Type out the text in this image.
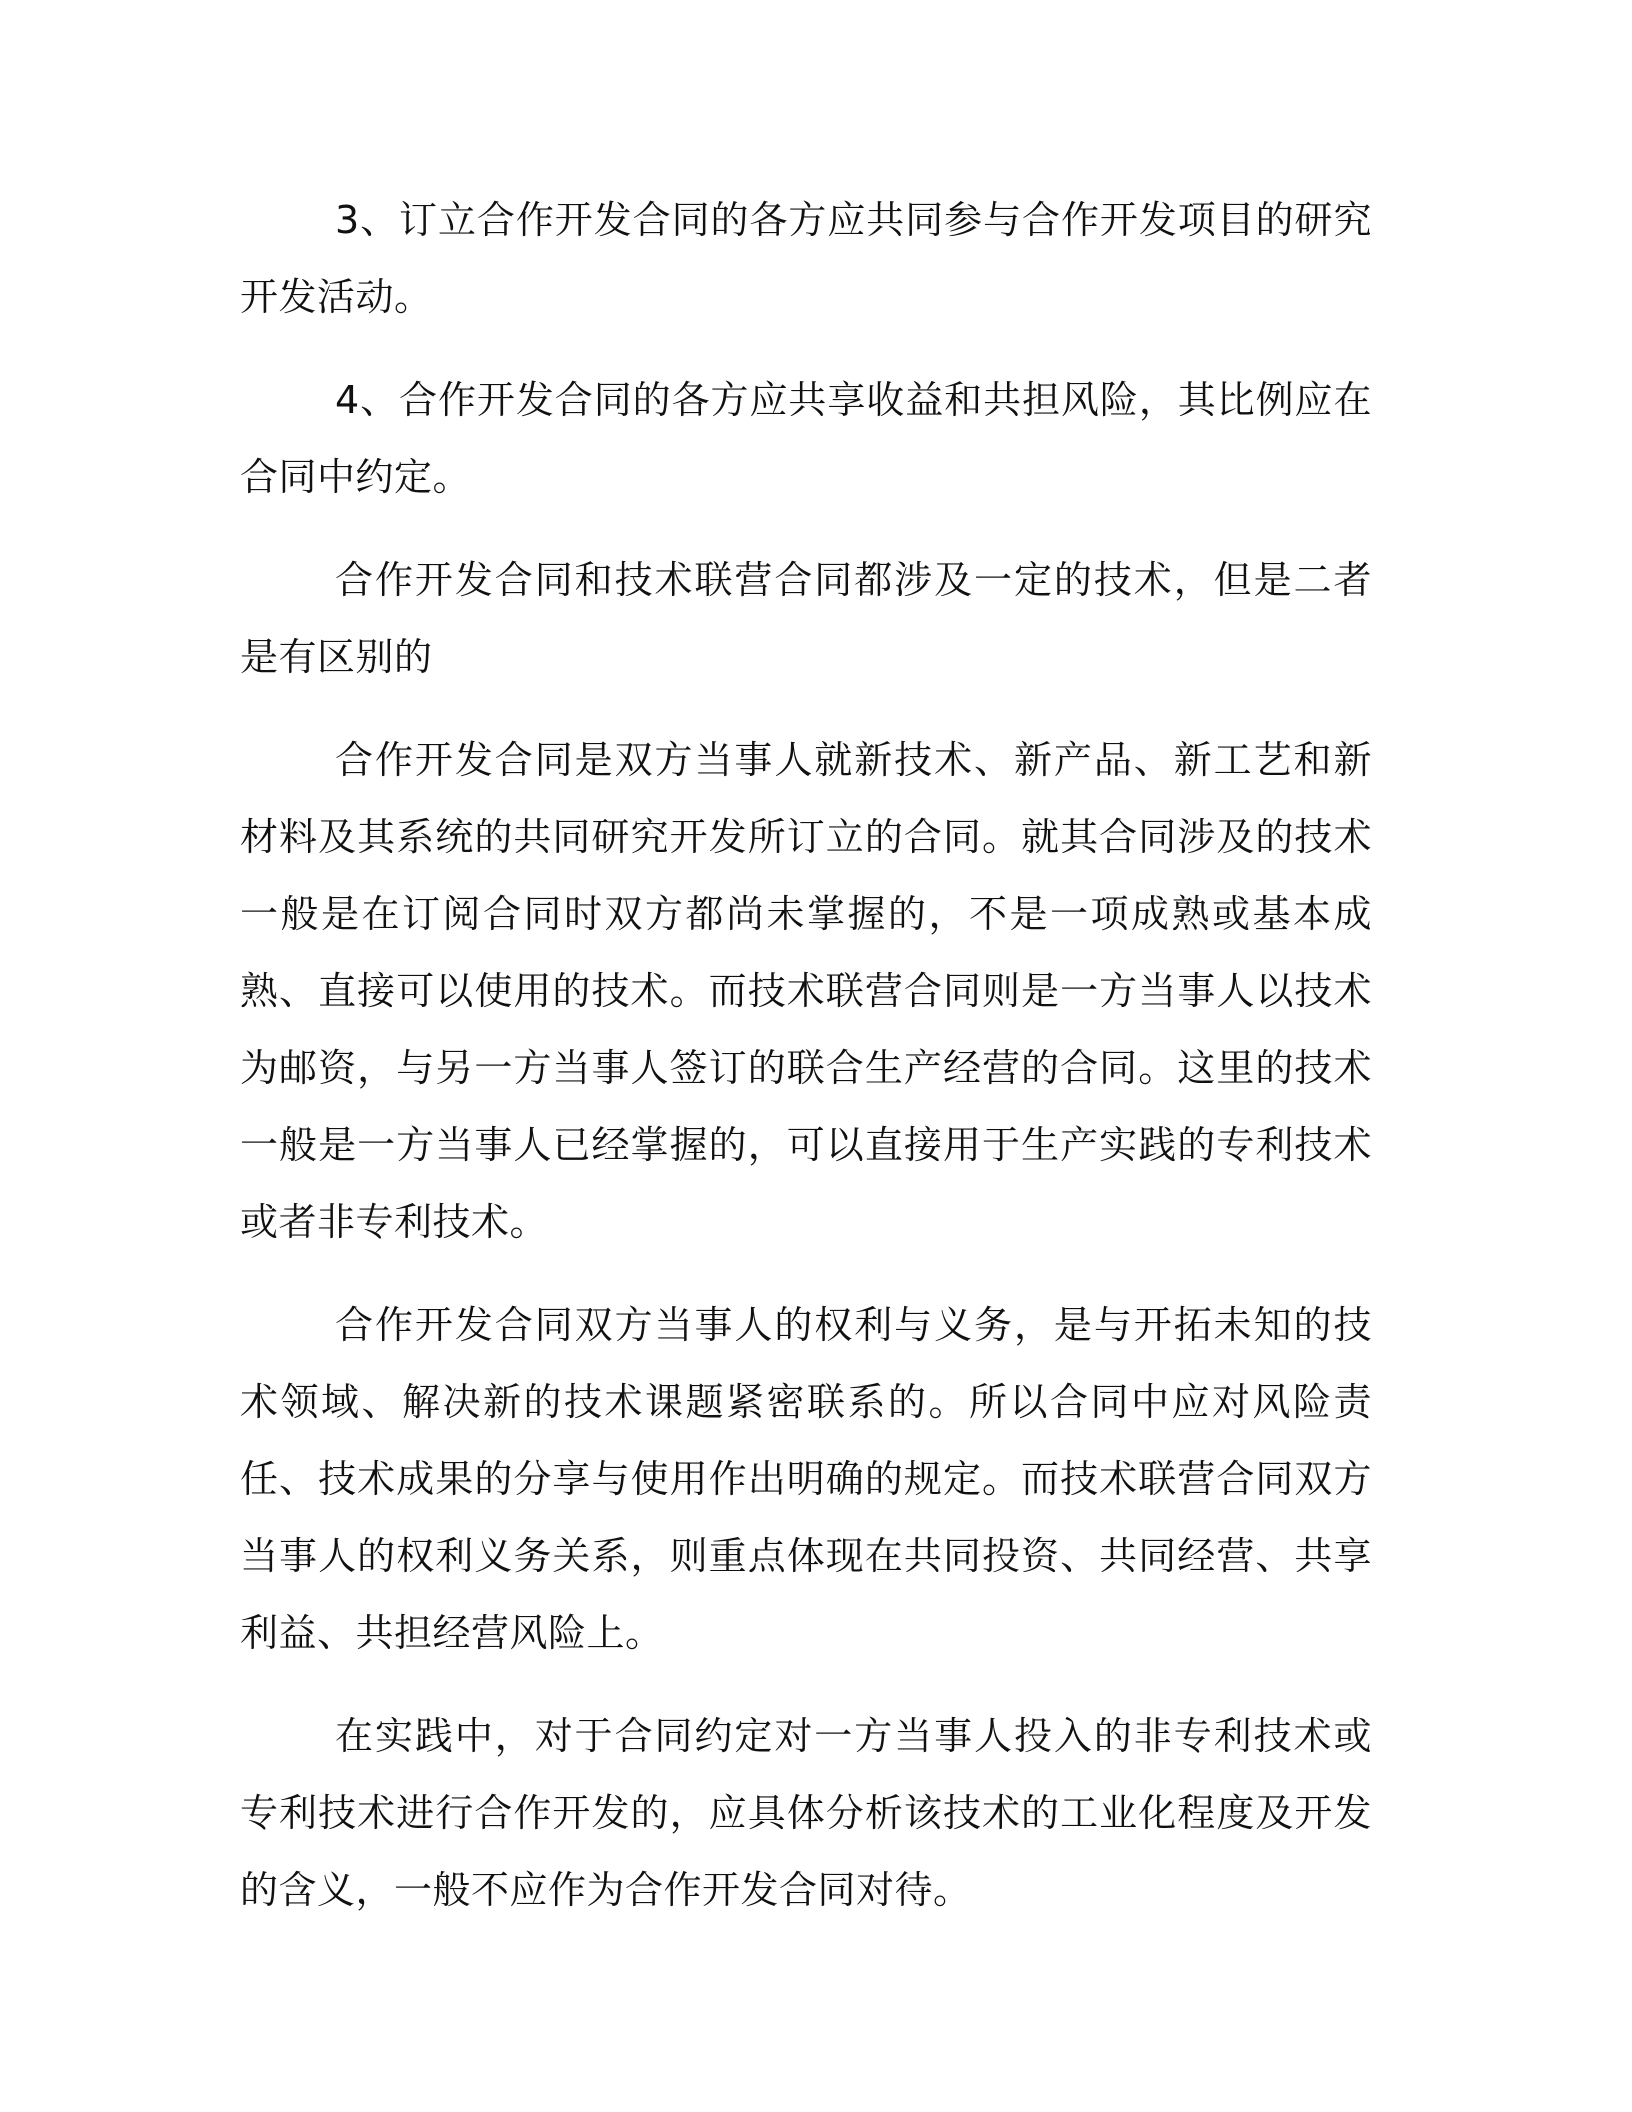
3、订立合作开发合同的各方应共同参与合作开发项目的研究开发活动。

4、合作开发合同的各方应共享收益和共担风险，其比例应在合同中约定。

合作开发合同和技术联营合同都涉及一定的技术，但是二者是有区别的

合作开发合同是双方当事人就新技术、新产品、新工艺和新材料及其系统的共同研究开发所订立的合同。就其合同涉及的技术一般是在订阅合同时双方都尚未掌握的，不是一项成熟或基本成熟、直接可以使用的技术。而技术联营合同则是一方当事人以技术为邮资，与另一方当事人签订的联合生产经营的合同。这里的技术一般是一方当事人已经掌握的，可以直接用于生产实践的专利技术或者非专利技术。

合作开发合同双方当事人的权利与义务，是与开拓未知的技术领域、解决新的技术课题紧密联系的。所以合同中应对风险责任、技术成果的分享与使用作出明确的规定。而技术联营合同双方当事人的权利义务关系，则重点体现在共同投资、共同经营、共享利益、共担经营风险上。

在实践中，对于合同约定对一方当事人投入的非专利技术或专利技术进行合作开发的，应具体分析该技术的工业化程度及开发的含义，一般不应作为合作开发合同对待。
